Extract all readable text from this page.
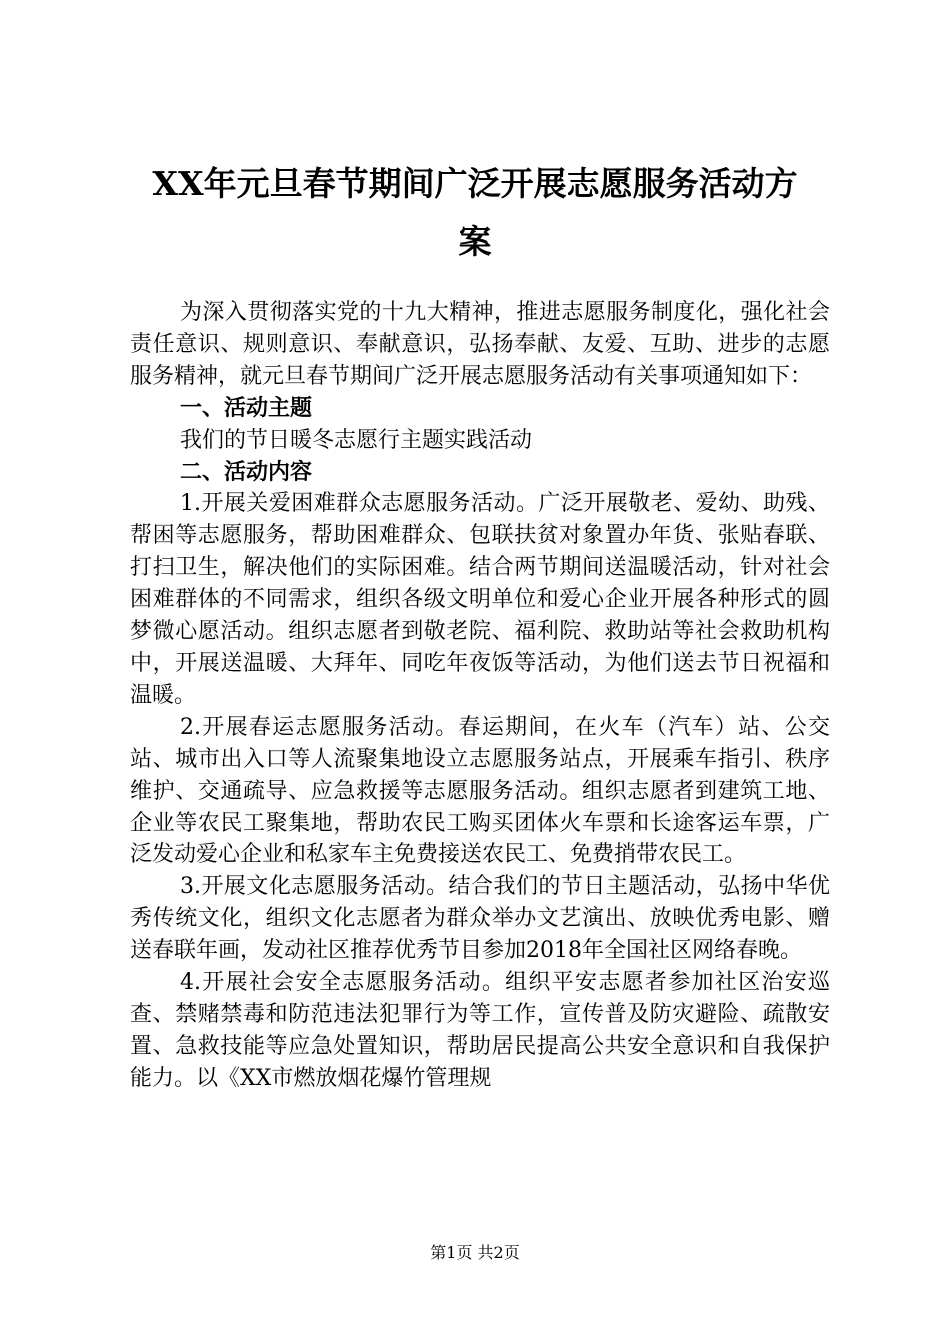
XX年元旦春节期间广泛开展志愿服务活动方
案

为深入贯彻落实党的十九大精神，推进志愿服务制度化，强化社会责任意识、规则意识、奉献意识，弘扬奉献、友爱、互助、进步的志愿服务精神，就元旦春节期间广泛开展志愿服务活动有关事项通知如下：

一、活动主题

我们的节日暖冬志愿行主题实践活动

二、活动内容

1.开展关爱困难群众志愿服务活动。广泛开展敬老、爱幼、助残、帮困等志愿服务，帮助困难群众、包联扶贫对象置办年货、张贴春联、打扫卫生，解决他们的实际困难。结合两节期间送温暖活动，针对社会困难群体的不同需求，组织各级文明单位和爱心企业开展各种形式的圆梦微心愿活动。组织志愿者到敬老院、福利院、救助站等社会救助机构中，开展送温暖、大拜年、同吃年夜饭等活动，为他们送去节日祝福和温暖。

2.开展春运志愿服务活动。春运期间，在火车（汽车）站、公交站、城市出入口等人流聚集地设立志愿服务站点，开展乘车指引、秩序维护、交通疏导、应急救援等志愿服务活动。组织志愿者到建筑工地、企业等农民工聚集地，帮助农民工购买团体火车票和长途客运车票，广泛发动爱心企业和私家车主免费接送农民工、免费捎带农民工。

3.开展文化志愿服务活动。结合我们的节日主题活动，弘扬中华优秀传统文化，组织文化志愿者为群众举办文艺演出、放映优秀电影、赠送春联年画，发动社区推荐优秀节目参加2018年全国社区网络春晚。

4.开展社会安全志愿服务活动。组织平安志愿者参加社区治安巡查、禁赌禁毒和防范违法犯罪行为等工作，宣传普及防灾避险、疏散安置、急救技能等应急处置知识，帮助居民提高公共安全意识和自我保护能力。以《XX市燃放烟花爆竹管理规

第1页 共2页
